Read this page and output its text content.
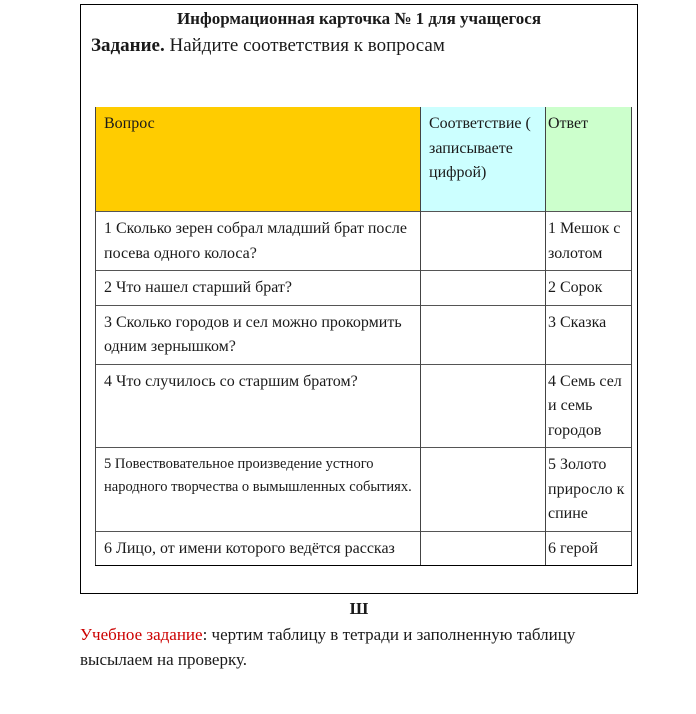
Информационная карточка № 1 для учащегося
Задание. Найдите соответствия к вопросам
Вопрос	Соответствие ( записываете цифрой)	Ответ
1 Сколько зерен собрал младший брат после посева одного колоса?		1 Мешок с золотом
2 Что нашел старший брат?		2 Сорок
3 Сколько городов и сел можно прокормить одним зернышком?		3 Сказка
4 Что случилось со старшим братом?		4 Семь сел и семь городов
5 Повествовательное произведение устного народного творчества о вымышленных событиях.		5 Золото приросло к спине
6 Лицо, от имени которого ведётся рассказ		6 герой
Ш
Учебное задание: чертим таблицу в тетради и заполненную таблицу высылаем на проверку.
